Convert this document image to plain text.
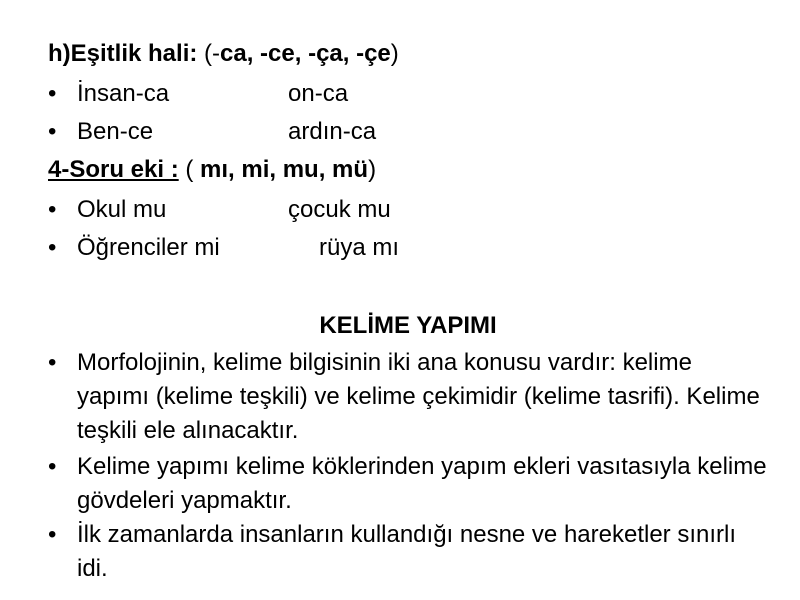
h)Eşitlik hali: (-ca, -ce, -ça, -çe)
• İnsan-ca	on-ca
• Ben-ce	ardın-ca
4-Soru eki : ( mı, mi, mu, mü)
• Okul mu	çocuk mu
• Öğrenciler mi	rüya mı
KELİME YAPIMI
• Morfolojinin, kelime bilgisinin iki ana konusu vardır: kelime yapımı (kelime teşkili) ve kelime çekimidir (kelime tasrifi). Kelime teşkili ele alınacaktır.
• Kelime yapımı kelime köklerinden yapım ekleri vasıtasıyla kelime gövdeleri yapmaktır.
• İlk zamanlarda insanların kullandığı nesne ve hareketler sınırlı idi.
